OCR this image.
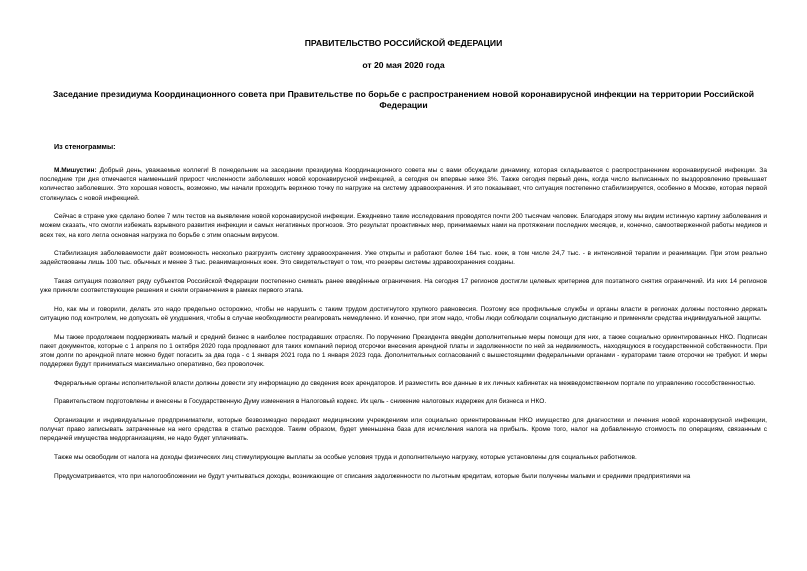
ПРАВИТЕЛЬСТВО РОССИЙСКОЙ ФЕДЕРАЦИИ
от 20 мая 2020 года
Заседание президиума Координационного совета при Правительстве по борьбе с распространением новой коронавирусной инфекции на территории Российской Федерации
Из стенограммы:

М.Мишустин: Добрый день, уважаемые коллеги! В понедельник на заседании президиума Координационного совета мы с вами обсуждали динамику, которая складывается с распространением коронавирусной инфекции. За последние три дня отмечается наименьший прирост численности заболевших новой коронавирусной инфекцией, а сегодня он впервые ниже 3%. Также сегодня первый день, когда число выписанных по выздоровлению превышает количество заболевших. Это хорошая новость, возможно, мы начали проходить верхнюю точку по нагрузке на систему здравоохранения. И это показывает, что ситуация постепенно стабилизируется, особенно в Москве, которая первой столкнулась с новой инфекцией.

Сейчас в стране уже сделано более 7 млн тестов на выявление новой коронавирусной инфекции. Ежедневно такие исследования проводятся почти 200 тысячам человек. Благодаря этому мы видим истинную картину заболевания и можем сказать, что смогли избежать взрывного развития инфекции и самых негативных прогнозов. Это результат проактивных мер, принимаемых нами на протяжении последних месяцев, и, конечно, самоотверженной работы медиков и всех тех, на кого легла основная нагрузка по борьбе с этим опасным вирусом.

Стабилизация заболеваемости даёт возможность несколько разгрузить систему здравоохранения. Уже открыты и работают более 164 тыс. коек, в том числе 24,7 тыс. - в интенсивной терапии и реанимации. При этом реально задействованы лишь 100 тыс. обычных и менее 3 тыс. реанимационных коек. Это свидетельствует о том, что резервы системы здравоохранения созданы.

Такая ситуация позволяет ряду субъектов Российской Федерации постепенно снимать ранее введённые ограничения. На сегодня 17 регионов достигли целевых критериев для поэтапного снятия ограничений. Из них 14 регионов уже приняли соответствующие решения и сняли ограничения в рамках первого этапа.

Но, как мы и говорили, делать это надо предельно осторожно, чтобы не нарушить с таким трудом достигнутого хрупкого равновесия. Поэтому все профильные службы и органы власти в регионах должны постоянно держать ситуацию под контролем, не допускать её ухудшения, чтобы в случае необходимости реагировать немедленно. И конечно, при этом надо, чтобы люди соблюдали социальную дистанцию и применяли средства индивидуальной защиты.

Мы также продолжаем поддерживать малый и средний бизнес в наиболее пострадавших отраслях. По поручению Президента введём дополнительные меры помощи для них, а также социально ориентированных НКО. Подписан пакет документов, которые с 1 апреля по 1 октября 2020 года продлевают для таких компаний период отсрочки внесения арендной платы и задолженности по ней за недвижимость, находящуюся в государственной собственности. При этом долги по арендной плате можно будет погасить за два года - с 1 января 2021 года по 1 января 2023 года. Дополнительных согласований с вышестоящими федеральными органами - кураторами такие отсрочки не требуют. И меры поддержки будут приниматься максимально оперативно, без проволочек.

Федеральные органы исполнительной власти должны довести эту информацию до сведения всех арендаторов. И разместить все данные в их личных кабинетах на межведомственном портале по управлению госсобственностью.

Правительством подготовлены и внесены в Государственную Думу изменения в Налоговый кодекс. Их цель - снижение налоговых издержек для бизнеса и НКО.

Организации и индивидуальные предприниматели, которые безвозмездно передают медицинским учреждениям или социально ориентированным НКО имущество для диагностики и лечения новой коронавирусной инфекции, получат право записывать затраченные на него средства в статью расходов. Таким образом, будет уменьшена база для исчисления налога на прибыль. Кроме того, налог на добавленную стоимость по операциям, связанным с передачей имущества медорганизациям, не надо будет уплачивать.

Также мы освободим от налога на доходы физических лиц стимулирующие выплаты за особые условия труда и дополнительную нагрузку, которые установлены для социальных работников.

Предусматривается, что при налогообложении не будут учитываться доходы, возникающие от списания задолженности по льготным кредитам, которые были получены малыми и средними предприятиями на
